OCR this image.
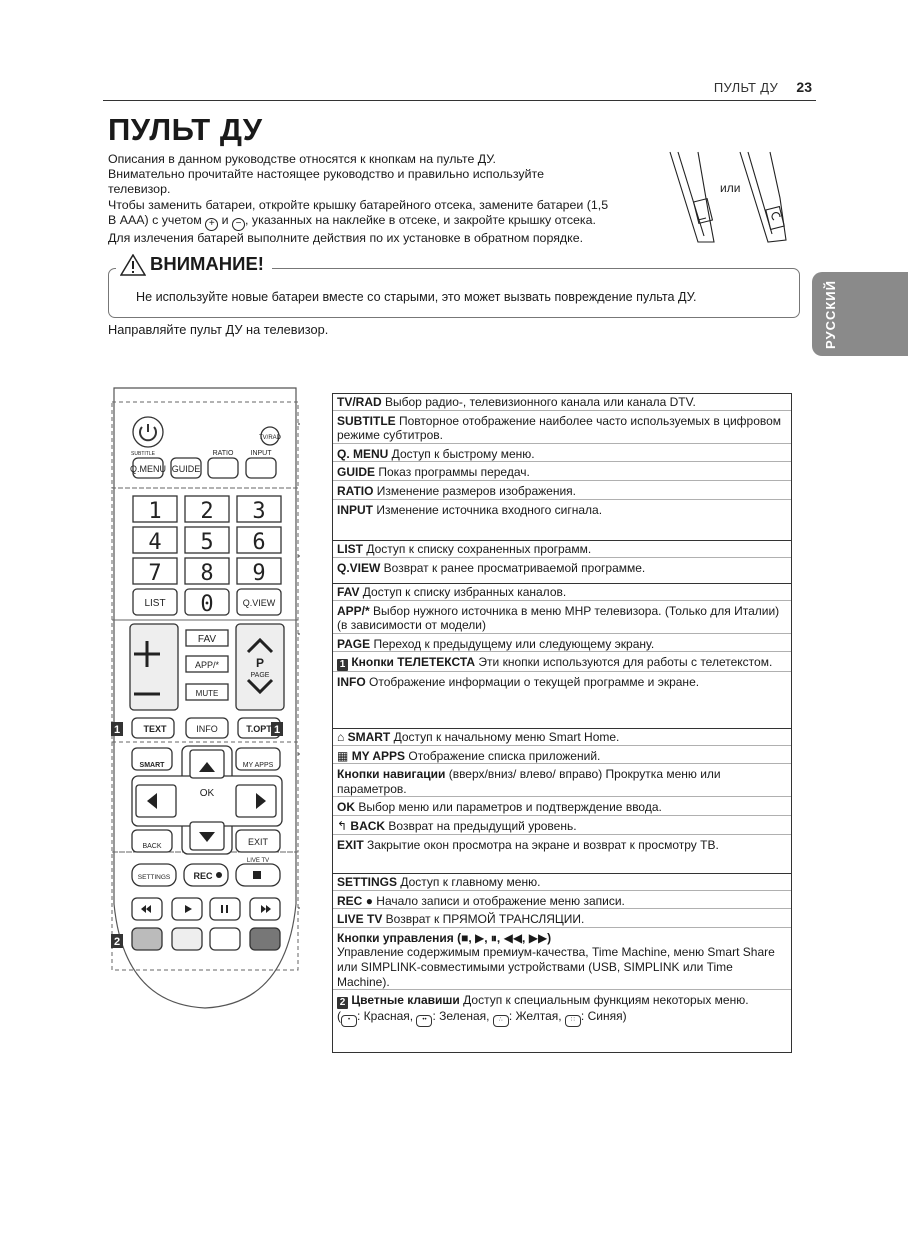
ПУЛЬТ ДУ 23
ПУЛЬТ ДУ

Описания в данном руководстве относятся к кнопкам на пульте ДУ.

Внимательно прочитайте настоящее руководство и правильно используйте

телевизор.

Чтобы заменить батареи, откройте крышку батарейного отсека, замените батареи (1,5

В AAA) с учетом + и − , указанных на наклейке в отсеке, и закройте крышку отсека.

Для излечения батарей выполните действия по их установке в обратном порядке.

или
ВНИМАНИЕ!
Не используйте новые батареи вместе со старыми, это может вызвать повреждение пульта ДУ.	РУССКИЙ
Направляйте пульт ДУ на телевизор.
Q.MENU GUIDE
RATIO INPUT
SUBTITLE
TV/RAD
1 2 3
4 5 6
7 8 9
0
LIST	Q.VIEW
FAV
APP/*
MUTE
P
PAGE
TEXT	INFO	T.OPT
SMART	MY APPS
OK
BACK	EXIT
LIVE TV
SETTINGS	REC
1	1
2

TV/RAD Выбор радио-, телевизионного канала или канала DTV.

SUBTITLE Повторное отображение наиболее часто используемых в цифровом режиме субтитров.

Q. MENU Доступ к быстрому меню.

GUIDE Показ программы передач.

RATIO Изменение размеров изображения.

INPUT Изменение источника входного сигнала.

LIST Доступ к списку сохраненных программ.

Q.VIEW Возврат к ранее просматриваемой программе.

FAV Доступ к списку избранных каналов.

APP/* Выбор нужного источника в меню MHP телевизора. (Только для Италии) (в зависимости от модели)

PAGE Переход к предыдущему или следующему экрану.

1 Кнопки ТЕЛЕТЕКСТА Эти кнопки используются для работы с телетекстом.

INFO Отображение информации о текущей программе и экране.

⌂ SMART Доступ к начальному меню Smart Home.

▦ MY APPS Отображение списка приложений.

Кнопки навигации (вверх/вниз/ влево/ вправо) Прокрутка меню или параметров.

OK Выбор меню или параметров и подтверждение ввода.

↰ BACK Возврат на предыдущий уровень.

EXIT Закрытие окон просмотра на экране и возврат к просмотру ТВ.

SETTINGS Доступ к главному меню.

REC ● Начало записи и отображение меню записи.

LIVE TV Возврат к ПРЯМОЙ ТРАНСЛЯЦИИ.

Кнопки управления (■, ▶, ⏸, ◀◀, ▶▶)
Управление содержимым премиум-качества, Time Machine, меню Smart Share или SIMPLINK-совместимыми устройствами (USB, SIMPLINK или Time Machine).

2 Цветные клавиши Доступ к специальным функциям некоторых меню.
( • : Красная, •• : Зеленая, ∴ : Желтая, ∷ : Синяя)
